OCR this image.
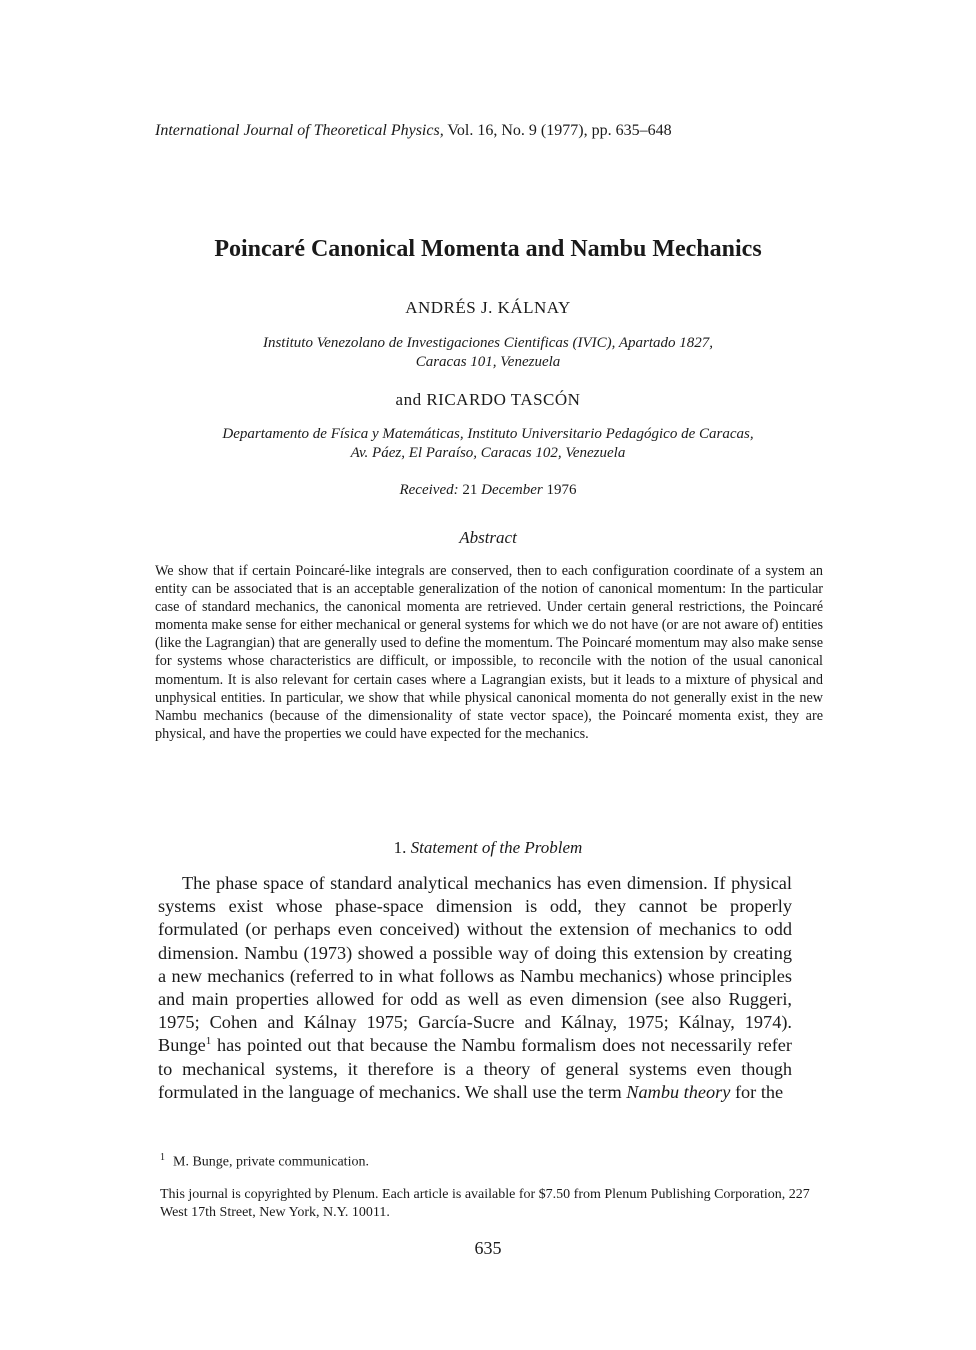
International Journal of Theoretical Physics, Vol. 16, No. 9 (1977), pp. 635–648
Poincaré Canonical Momenta and Nambu Mechanics
ANDRÉS J. KÁLNAY
Instituto Venezolano de Investigaciones Cientificas (IVIC), Apartado 1827,
Caracas 101, Venezuela
and RICARDO TASCÓN
Departamento de Física y Matemáticas, Instituto Universitario Pedagógico de Caracas,
Av. Páez, El Paraíso, Caracas 102, Venezuela
Received: 21 December 1976
Abstract

We show that if certain Poincaré-like integrals are conserved, then to each configuration coordinate of a system an entity can be associated that is an acceptable generalization of the notion of canonical momentum: In the particular case of standard mechanics, the canonical momenta are retrieved. Under certain general restrictions, the Poincaré momenta make sense for either mechanical or general systems for which we do not have (or are not aware of) entities (like the Lagrangian) that are generally used to define the momentum. The Poincaré momentum may also make sense for systems whose characteristics are difficult, or impossible, to reconcile with the notion of the usual canonical momentum. It is also relevant for certain cases where a Lagrangian exists, but it leads to a mixture of physical and unphysical entities. In particular, we show that while physical canonical momenta do not generally exist in the new Nambu mechanics (because of the dimensionality of state vector space), the Poincaré momenta exist, they are physical, and have the properties we could have expected for the mechanics.

1. Statement of the Problem

The phase space of standard analytical mechanics has even dimension. If physical systems exist whose phase-space dimension is odd, they cannot be properly formulated (or perhaps even conceived) without the extension of mechanics to odd dimension. Nambu (1973) showed a possible way of doing this extension by creating a new mechanics (referred to in what follows as Nambu mechanics) whose principles and main properties allowed for odd as well as even dimension (see also Ruggeri, 1975; Cohen and Kálnay 1975; García-Sucre and Kálnay, 1975; Kálnay, 1974). Bunge$^1$ has pointed out that because the Nambu formalism does not necessarily refer to mechanical systems, it therefore is a theory of general systems even though formulated in the language of mechanics. We shall use the term Nambu theory for the

$^1$ M. Bunge, private communication.

This journal is copyrighted by Plenum. Each article is available for $7.50 from Plenum Publishing Corporation, 227 West 17th Street, New York, N.Y. 10011.

635
